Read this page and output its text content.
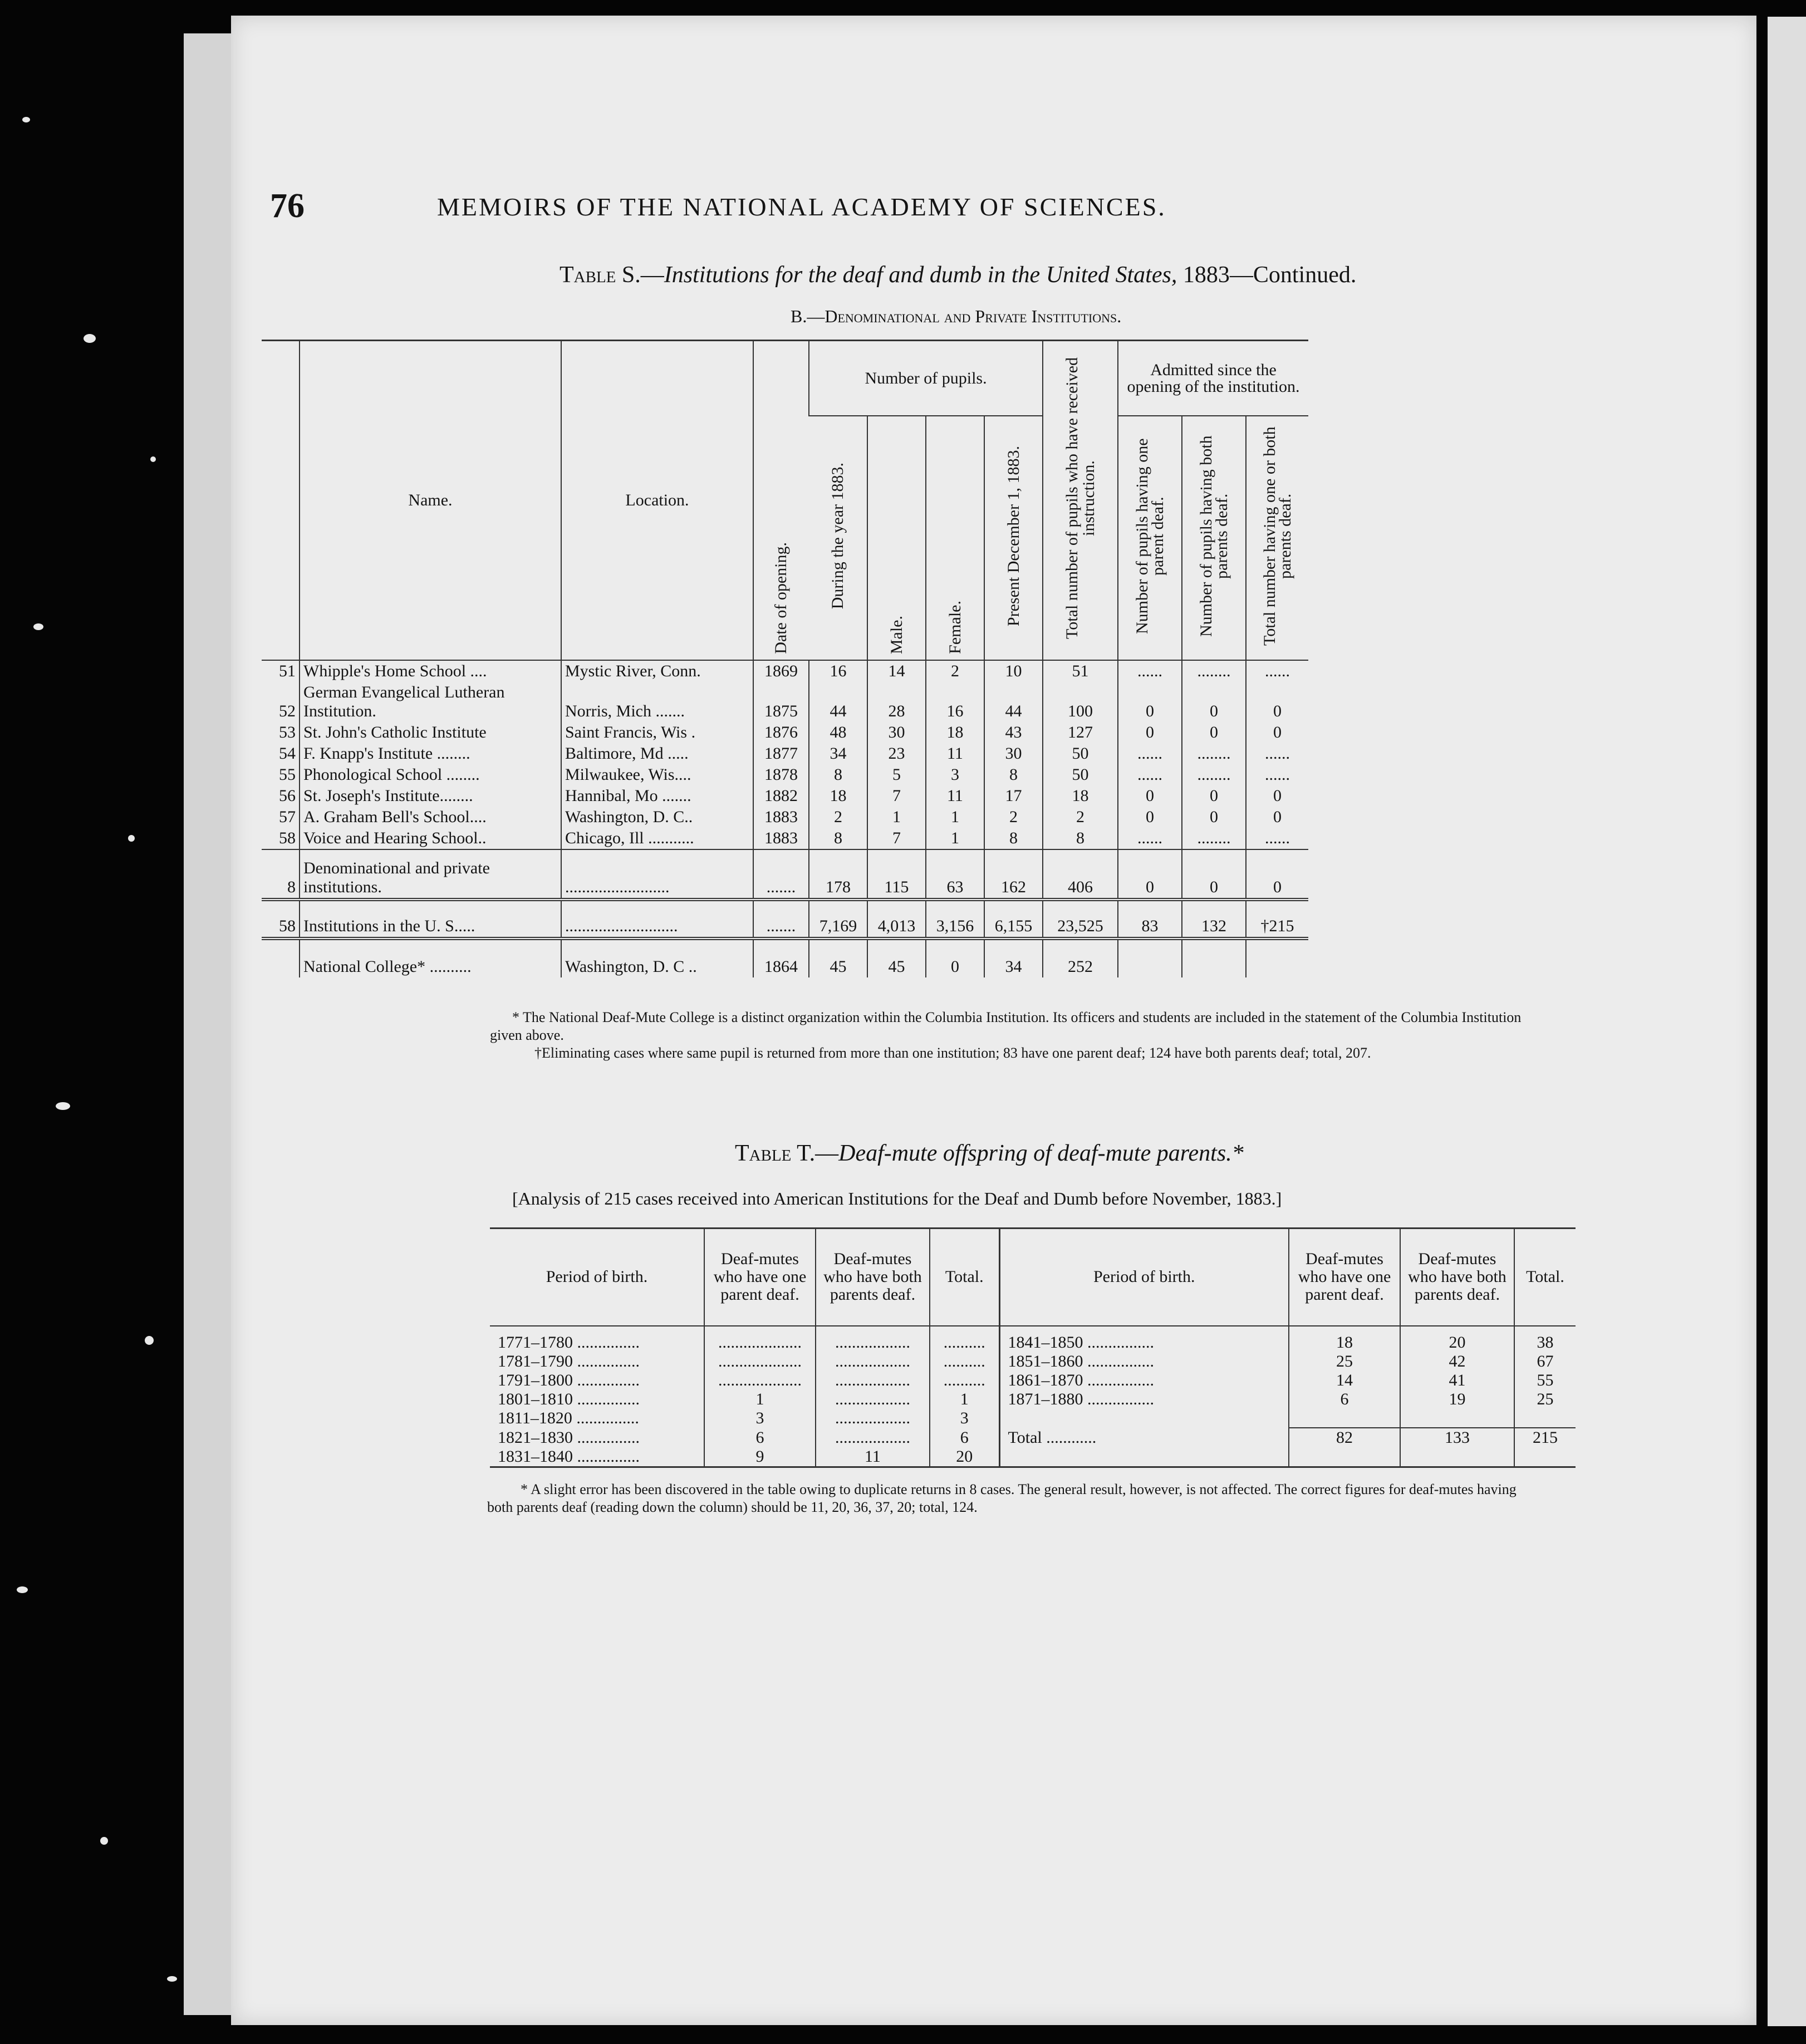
76	MEMOIRS OF THE NATIONAL ACADEMY OF SCIENCES.
Table S.—Institutions for the deaf and dumb in the United States, 1883—Continued.
B.—Denominational and Private Institutions.
	Name.	Location.	Date of opening.	Number of pupils.				Total number of pupils who have received instruction.	Admitted since the opening of the institution.		
				During the year 1883.	Male.	Female.	Present December 1, 1883.		Number of pupils having one parent deaf.	Number of pupils having both parents deaf.	Total number having one or both parents deaf.
51	Whipple's Home School ....	Mystic River, Conn.	1869	16	14	2	10	51	......	........	......
52	German Evangelical Lutheran Institution.	Norris, Mich .......	1875	44	28	16	44	100	0	0	0
53	St. John's Catholic Institute	Saint Francis, Wis .	1876	48	30	18	43	127	0	0	0
54	F. Knapp's Institute ........	Baltimore, Md .....	1877	34	23	11	30	50	......	........	......
55	Phonological School ........	Milwaukee, Wis....	1878	8	5	3	8	50	......	........	......
56	St. Joseph's Institute........	Hannibal, Mo .......	1882	18	7	11	17	18	0	0	0
57	A. Graham Bell's School....	Washington, D. C..	1883	2	1	1	2	2	0	0	0
58	Voice and Hearing School..	Chicago, Ill ...........	1883	8	7	1	8	8	......	........	......
8	Denominational and private institutions.	.........................	.......	178	115	63	162	406	0	0	0
58	Institutions in the U. S.....	...........................	.......	7,169	4,013	3,156	6,155	23,525	83	132	†215
	National College* ..........	Washington, D. C ..	1864	45	45	0	34	252			
* The National Deaf-Mute College is a distinct organization within the Columbia Institution. Its officers and students are included in the statement of the Columbia Institution given above.
†Eliminating cases where same pupil is returned from more than one institution; 83 have one parent deaf; 124 have both parents deaf; total, 207.
Table T.—Deaf-mute offspring of deaf-mute parents.*
[Analysis of 215 cases received into American Institutions for the Deaf and Dumb before November, 1883.]
Period of birth.	Deaf-mutes who have one parent deaf.	Deaf-mutes who have both parents deaf.	Total.	Period of birth.	Deaf-mutes who have one parent deaf.	Deaf-mutes who have both parents deaf.	Total.
1771–1780 ...............	....................	..................	..........	1841–1850 ................	18	20	38
1781–1790 ...............	....................	..................	..........	1851–1860 ................	25	42	67
1791–1800 ...............	....................	..................	..........	1861–1870 ................	14	41	55
1801–1810 ...............	1	..................	1	1871–1880 ................	6	19	25
1811–1820 ...............	3	..................	3				
1821–1830 ...............	6	..................	6	Total ............	82	133	215
1831–1840 ...............	9	11	20				
* A slight error has been discovered in the table owing to duplicate returns in 8 cases. The general result, however, is not affected. The correct figures for deaf-mutes having both parents deaf (reading down the column) should be 11, 20, 36, 37, 20; total, 124.
